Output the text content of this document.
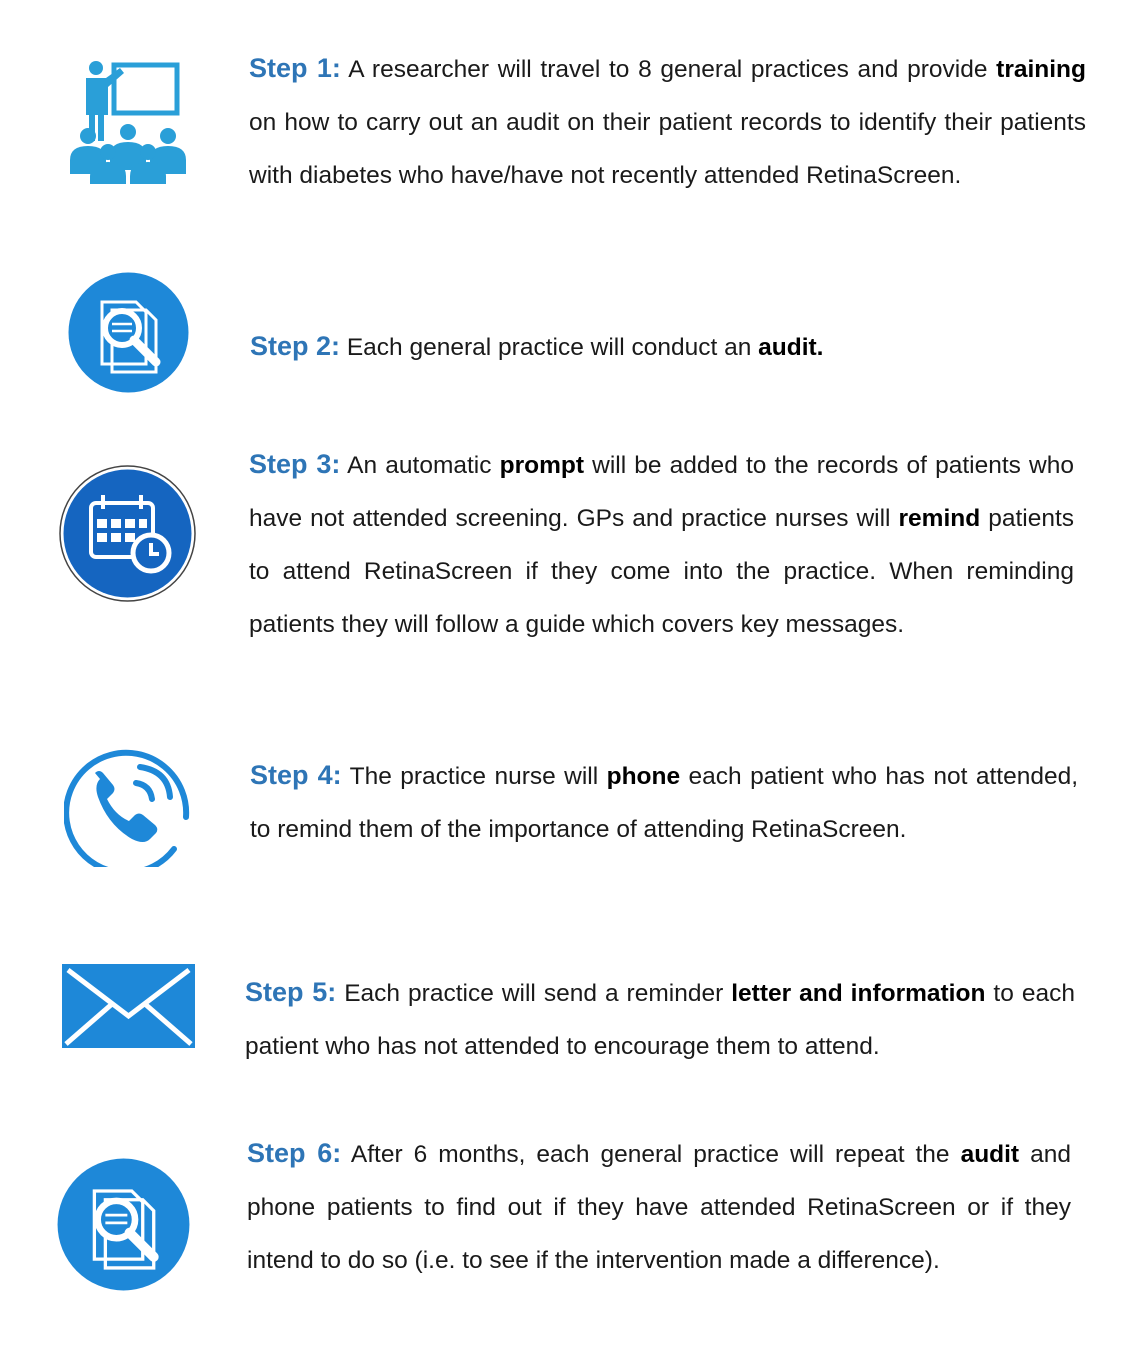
Step 1: A researcher will travel to 8 general practices and provide training on how to carry out an audit on their patient records to identify their patients with diabetes who have/have not recently attended RetinaScreen.
Step 2: Each general practice will conduct an audit.
Step 3: An automatic prompt will be added to the records of patients who have not attended screening. GPs and practice nurses will remind patients to attend RetinaScreen if they come into the practice. When reminding patients they will follow a guide which covers key messages.
Step 4: The practice nurse will phone each patient who has not attended, to remind them of the importance of attending RetinaScreen.
Step 5: Each practice will send a reminder letter and information to each patient who has not attended to encourage them to attend.
Step 6: After 6 months, each general practice will repeat the audit and phone patients to find out if they have attended RetinaScreen or if they intend to do so (i.e. to see if the intervention made a difference).
